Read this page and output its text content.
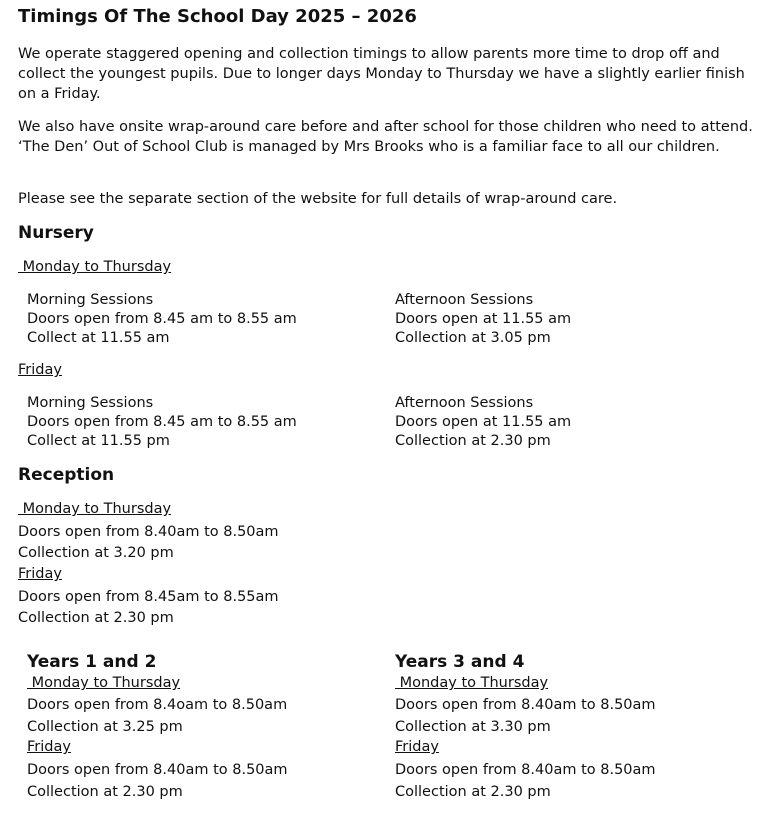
Timings Of The School Day 2025 – 2026

We operate staggered opening and collection timings to allow parents more time to drop off and collect the youngest pupils. Due to longer days Monday to Thursday we have a slightly earlier finish on a Friday.

We also have onsite wrap-around care before and after school for those children who need to attend. ‘The Den’ Out of School Club is managed by Mrs Brooks who is a familiar face to all our children.

Please see the separate section of the website for full details of wrap-around care.

Nursery
Monday to Thursday
Morning Sessions
Doors open from 8.45 am to 8.55 am
Collect at 11.55 am
Afternoon Sessions
Doors open at 11.55 am
Collection at 3.05 pm
Friday
Morning Sessions
Doors open from 8.45 am to 8.55 am
Collect at 11.55 pm
Afternoon Sessions
Doors open at 11.55 am
Collection at 2.30 pm
Reception
Monday to Thursday
Doors open from 8.40am to 8.50am
Collection at 3.20 pm
Friday
Doors open from 8.45am to 8.55am
Collection at 2.30 pm
Years 1 and 2
Monday to Thursday
Doors open from 8.4oam to 8.50am
Collection at 3.25 pm
Friday
Doors open from 8.40am to 8.50am
Collection at 2.30 pm
Years 3 and 4
Monday to Thursday
Doors open from 8.40am to 8.50am
Collection at 3.30 pm
Friday
Doors open from 8.40am to 8.50am
Collection at 2.30 pm
